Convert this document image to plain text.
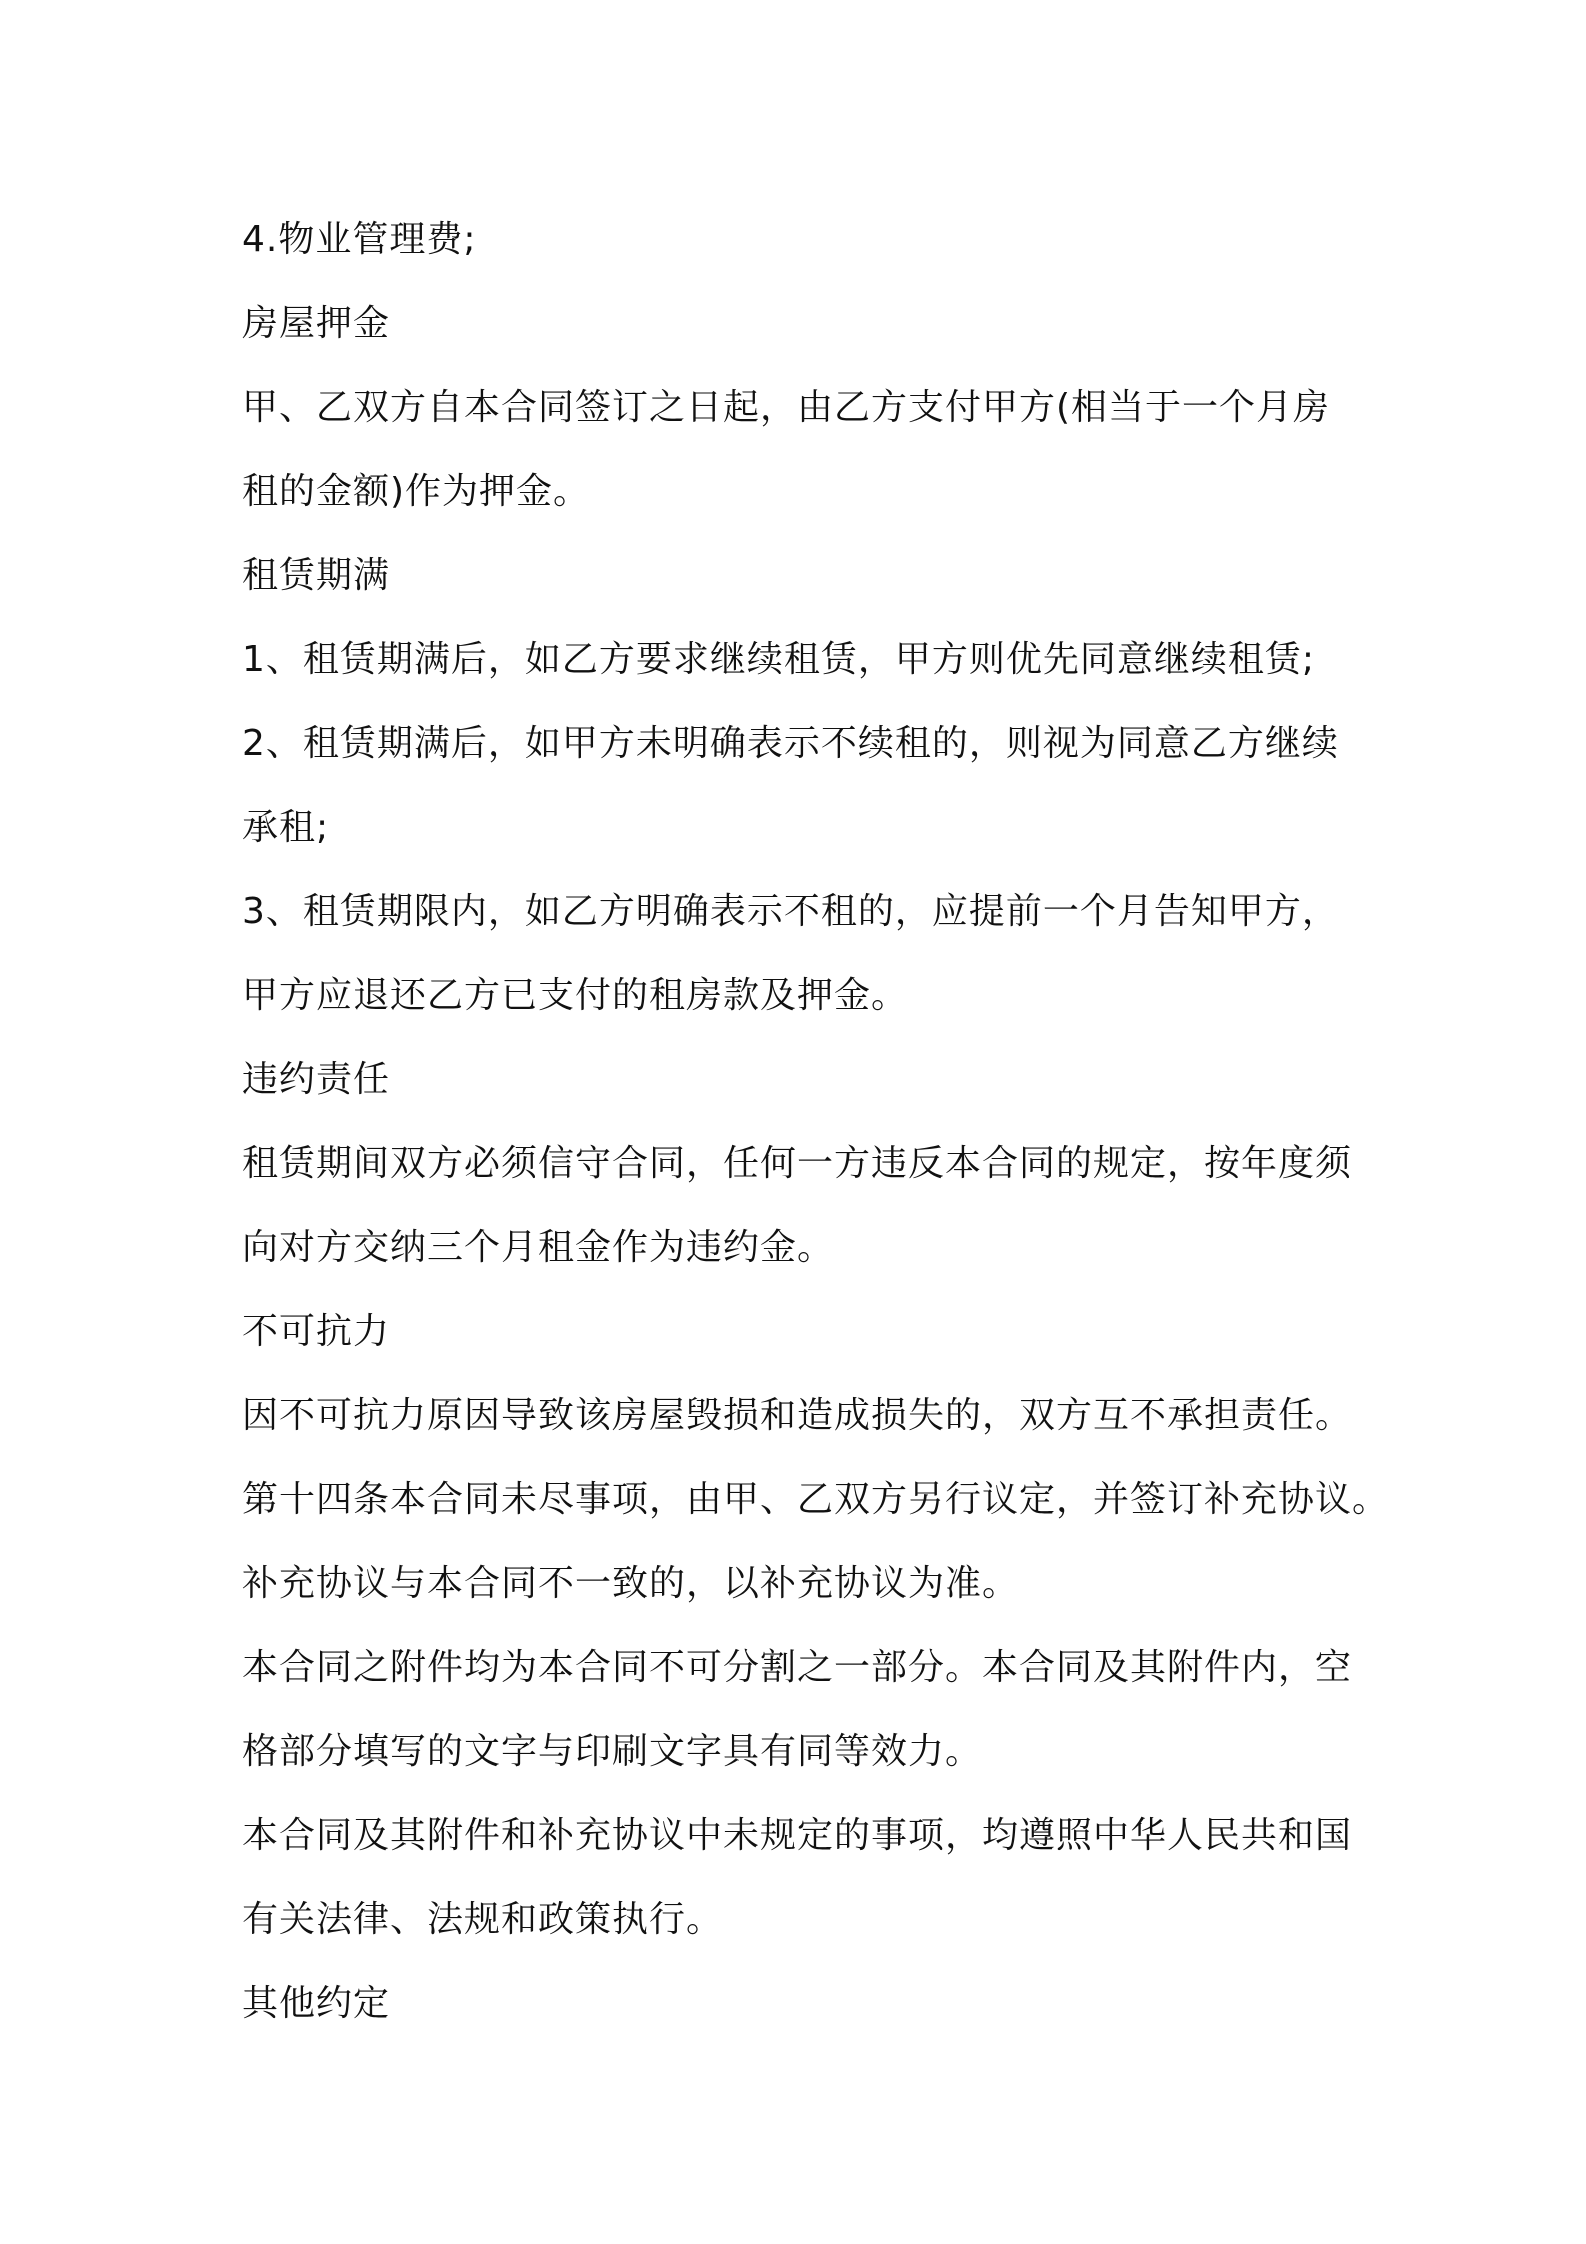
4.物业管理费;

房屋押金

甲、乙双方自本合同签订之日起，由乙方支付甲方(相当于一个月房

租的金额)作为押金。

租赁期满

1、租赁期满后，如乙方要求继续租赁，甲方则优先同意继续租赁;

2、租赁期满后，如甲方未明确表示不续租的，则视为同意乙方继续

承租;

3、租赁期限内，如乙方明确表示不租的，应提前一个月告知甲方，

甲方应退还乙方已支付的租房款及押金。

违约责任

租赁期间双方必须信守合同，任何一方违反本合同的规定，按年度须

向对方交纳三个月租金作为违约金。

不可抗力

因不可抗力原因导致该房屋毁损和造成损失的，双方互不承担责任。

第十四条本合同未尽事项，由甲、乙双方另行议定，并签订补充协议。

补充协议与本合同不一致的，以补充协议为准。

本合同之附件均为本合同不可分割之一部分。本合同及其附件内，空

格部分填写的文字与印刷文字具有同等效力。

本合同及其附件和补充协议中未规定的事项，均遵照中华人民共和国

有关法律、法规和政策执行。

其他约定
